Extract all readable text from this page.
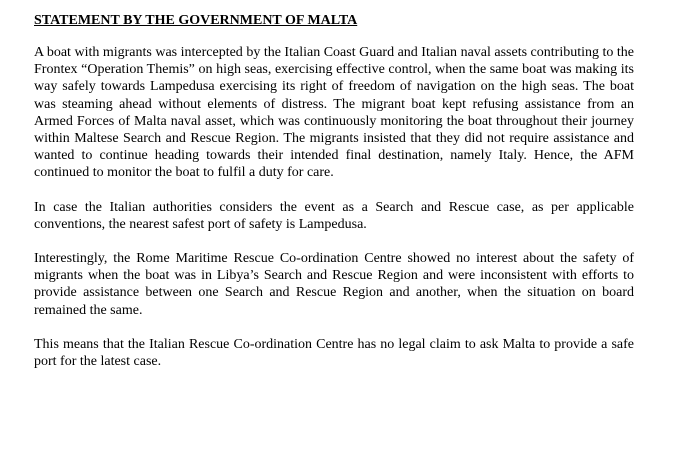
STATEMENT BY THE GOVERNMENT OF MALTA

A boat with migrants was intercepted by the Italian Coast Guard and Italian naval assets contributing to the Frontex “Operation Themis” on high seas, exercising effective control, when the same boat was making its way safely towards Lampedusa exercising its right of freedom of navigation on the high seas. The boat was steaming ahead without elements of distress. The migrant boat kept refusing assistance from an Armed Forces of Malta naval asset, which was continuously monitoring the boat throughout their journey within Maltese Search and Rescue Region. The migrants insisted that they did not require assistance and wanted to continue heading towards their intended final destination, namely Italy. Hence, the AFM continued to monitor the boat to fulfil a duty for care.

In case the Italian authorities considers the event as a Search and Rescue case, as per applicable conventions, the nearest safest port of safety is Lampedusa.

Interestingly, the Rome Maritime Rescue Co-ordination Centre showed no interest about the safety of migrants when the boat was in Libya’s Search and Rescue Region and were inconsistent with efforts to provide assistance between one Search and Rescue Region and another, when the situation on board remained the same.

This means that the Italian Rescue Co-ordination Centre has no legal claim to ask Malta to provide a safe port for the latest case.
